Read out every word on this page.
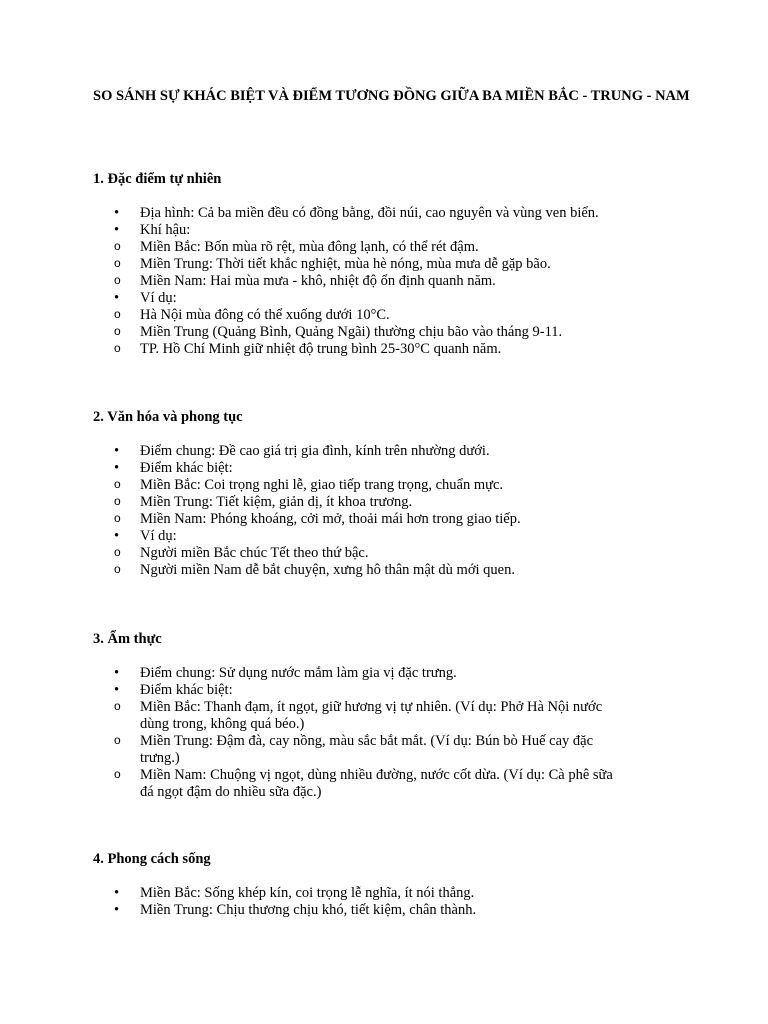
SO SÁNH SỰ KHÁC BIỆT VÀ ĐIỂM TƯƠNG ĐỒNG GIỮA BA MIỀN BẮC - TRUNG - NAM
1. Đặc điểm tự nhiên
• Địa hình: Cả ba miền đều có đồng bằng, đồi núi, cao nguyên và vùng ven biển.
• Khí hậu:
o Miền Bắc: Bốn mùa rõ rệt, mùa đông lạnh, có thể rét đậm.
o Miền Trung: Thời tiết khắc nghiệt, mùa hè nóng, mùa mưa dễ gặp bão.
o Miền Nam: Hai mùa mưa - khô, nhiệt độ ổn định quanh năm.
• Ví dụ:
o Hà Nội mùa đông có thể xuống dưới 10°C.
o Miền Trung (Quảng Bình, Quảng Ngãi) thường chịu bão vào tháng 9-11.
o TP. Hồ Chí Minh giữ nhiệt độ trung bình 25-30°C quanh năm.
2. Văn hóa và phong tục
• Điểm chung: Đề cao giá trị gia đình, kính trên nhường dưới.
• Điểm khác biệt:
o Miền Bắc: Coi trọng nghi lễ, giao tiếp trang trọng, chuẩn mực.
o Miền Trung: Tiết kiệm, giản dị, ít khoa trương.
o Miền Nam: Phóng khoáng, cởi mở, thoải mái hơn trong giao tiếp.
• Ví dụ:
o Người miền Bắc chúc Tết theo thứ bậc.
o Người miền Nam dễ bắt chuyện, xưng hô thân mật dù mới quen.
3. Ẩm thực
• Điểm chung: Sử dụng nước mắm làm gia vị đặc trưng.
• Điểm khác biệt:
o Miền Bắc: Thanh đạm, ít ngọt, giữ hương vị tự nhiên. (Ví dụ: Phở Hà Nội nước dùng trong, không quá béo.)
o Miền Trung: Đậm đà, cay nồng, màu sắc bắt mắt. (Ví dụ: Bún bò Huế cay đặc trưng.)
o Miền Nam: Chuộng vị ngọt, dùng nhiều đường, nước cốt dừa. (Ví dụ: Cà phê sữa đá ngọt đậm do nhiều sữa đặc.)
4. Phong cách sống
• Miền Bắc: Sống khép kín, coi trọng lễ nghĩa, ít nói thẳng.
• Miền Trung: Chịu thương chịu khó, tiết kiệm, chân thành.
